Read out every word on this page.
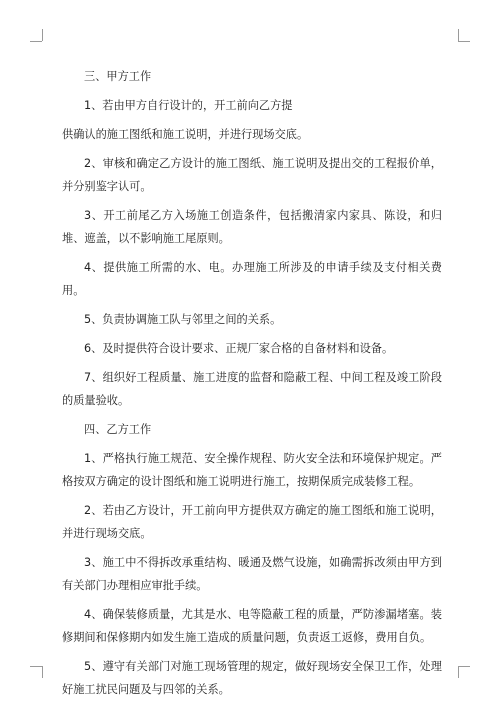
三、甲方工作

1、若由甲方自行设计的，开工前向乙方提

供确认的施工图纸和施工说明，并进行现场交底。

2、审核和确定乙方设计的施工图纸、施工说明及提出交的工程报价单，并分别鉴字认可。

3、开工前尾乙方入场施工创造条件，包括搬清家内家具、陈设，和归堆、遮盖，以不影响施工尾原则。

4、提供施工所需的水、电。办理施工所涉及的申请手续及支付相关费用。

5、负责协调施工队与邻里之间的关系。

6、及时提供符合设计要求、正规厂家合格的自备材料和设备。

7、组织好工程质量、施工进度的监督和隐蔽工程、中间工程及竣工阶段的质量验收。

四、乙方工作

1、严格执行施工规范、安全操作规程、防火安全法和环境保护规定。严格按双方确定的设计图纸和施工说明进行施工，按期保质完成装修工程。

2、若由乙方设计，开工前向甲方提供双方确定的施工图纸和施工说明，并进行现场交底。

3、施工中不得拆改承重结构、暖通及燃气设施，如确需拆改须由甲方到有关部门办理相应审批手续。

4、确保装修质量，尤其是水、电等隐蔽工程的质量，严防渗漏堵塞。装修期间和保修期内如发生施工造成的质量问题，负责返工返修，费用自负。

5、遵守有关部门对施工现场管理的规定，做好现场安全保卫工作，处理好施工扰民问题及与四邻的关系。
